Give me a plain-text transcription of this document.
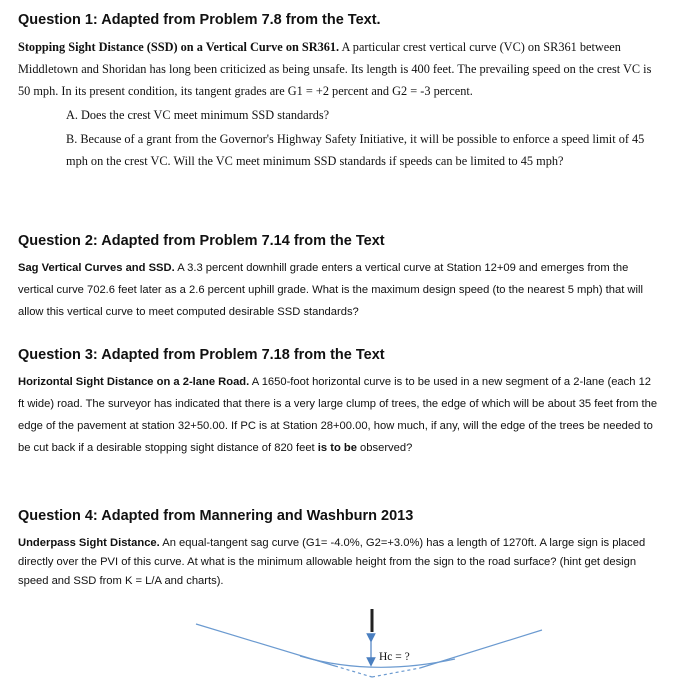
Question 1: Adapted from Problem 7.8 from the Text.

Stopping Sight Distance (SSD) on a Vertical Curve on SR361. A particular crest vertical curve (VC) on SR361 between Middletown and Shoridan has long been criticized as being unsafe. Its length is 400 feet. The prevailing speed on the crest VC is 50 mph. In its present condition, its tangent grades are G1 = +2 percent and G2 = -3 percent.

A. Does the crest VC meet minimum SSD standards?

B. Because of a grant from the Governor's Highway Safety Initiative, it will be possible to enforce a speed limit of 45 mph on the crest VC. Will the VC meet minimum SSD standards if speeds can be limited to 45 mph?

Question 2: Adapted from Problem 7.14 from the Text

Sag Vertical Curves and SSD. A 3.3 percent downhill grade enters a vertical curve at Station 12+09 and emerges from the vertical curve 702.6 feet later as a 2.6 percent uphill grade. What is the maximum design speed (to the nearest 5 mph) that will allow this vertical curve to meet computed desirable SSD standards?

Question 3: Adapted from Problem 7.18 from the Text

Horizontal Sight Distance on a 2-lane Road. A 1650-foot horizontal curve is to be used in a new segment of a 2-lane (each 12 ft wide) road. The surveyor has indicated that there is a very large clump of trees, the edge of which will be about 35 feet from the edge of the pavement at station 32+50.00. If PC is at Station 28+00.00, how much, if any, will the edge of the trees be needed to be cut back if a desirable stopping sight distance of 820 feet is to be observed?

Question 4: Adapted from Mannering and Washburn 2013

Underpass Sight Distance. An equal-tangent sag curve (G1= -4.0%, G2=+3.0%) has a length of 1270ft. A large sign is placed directly over the PVI of this curve. At what is the minimum allowable height from the sign to the road surface? (hint get design speed and SSD from K = L/A and charts).

Hc = ?
